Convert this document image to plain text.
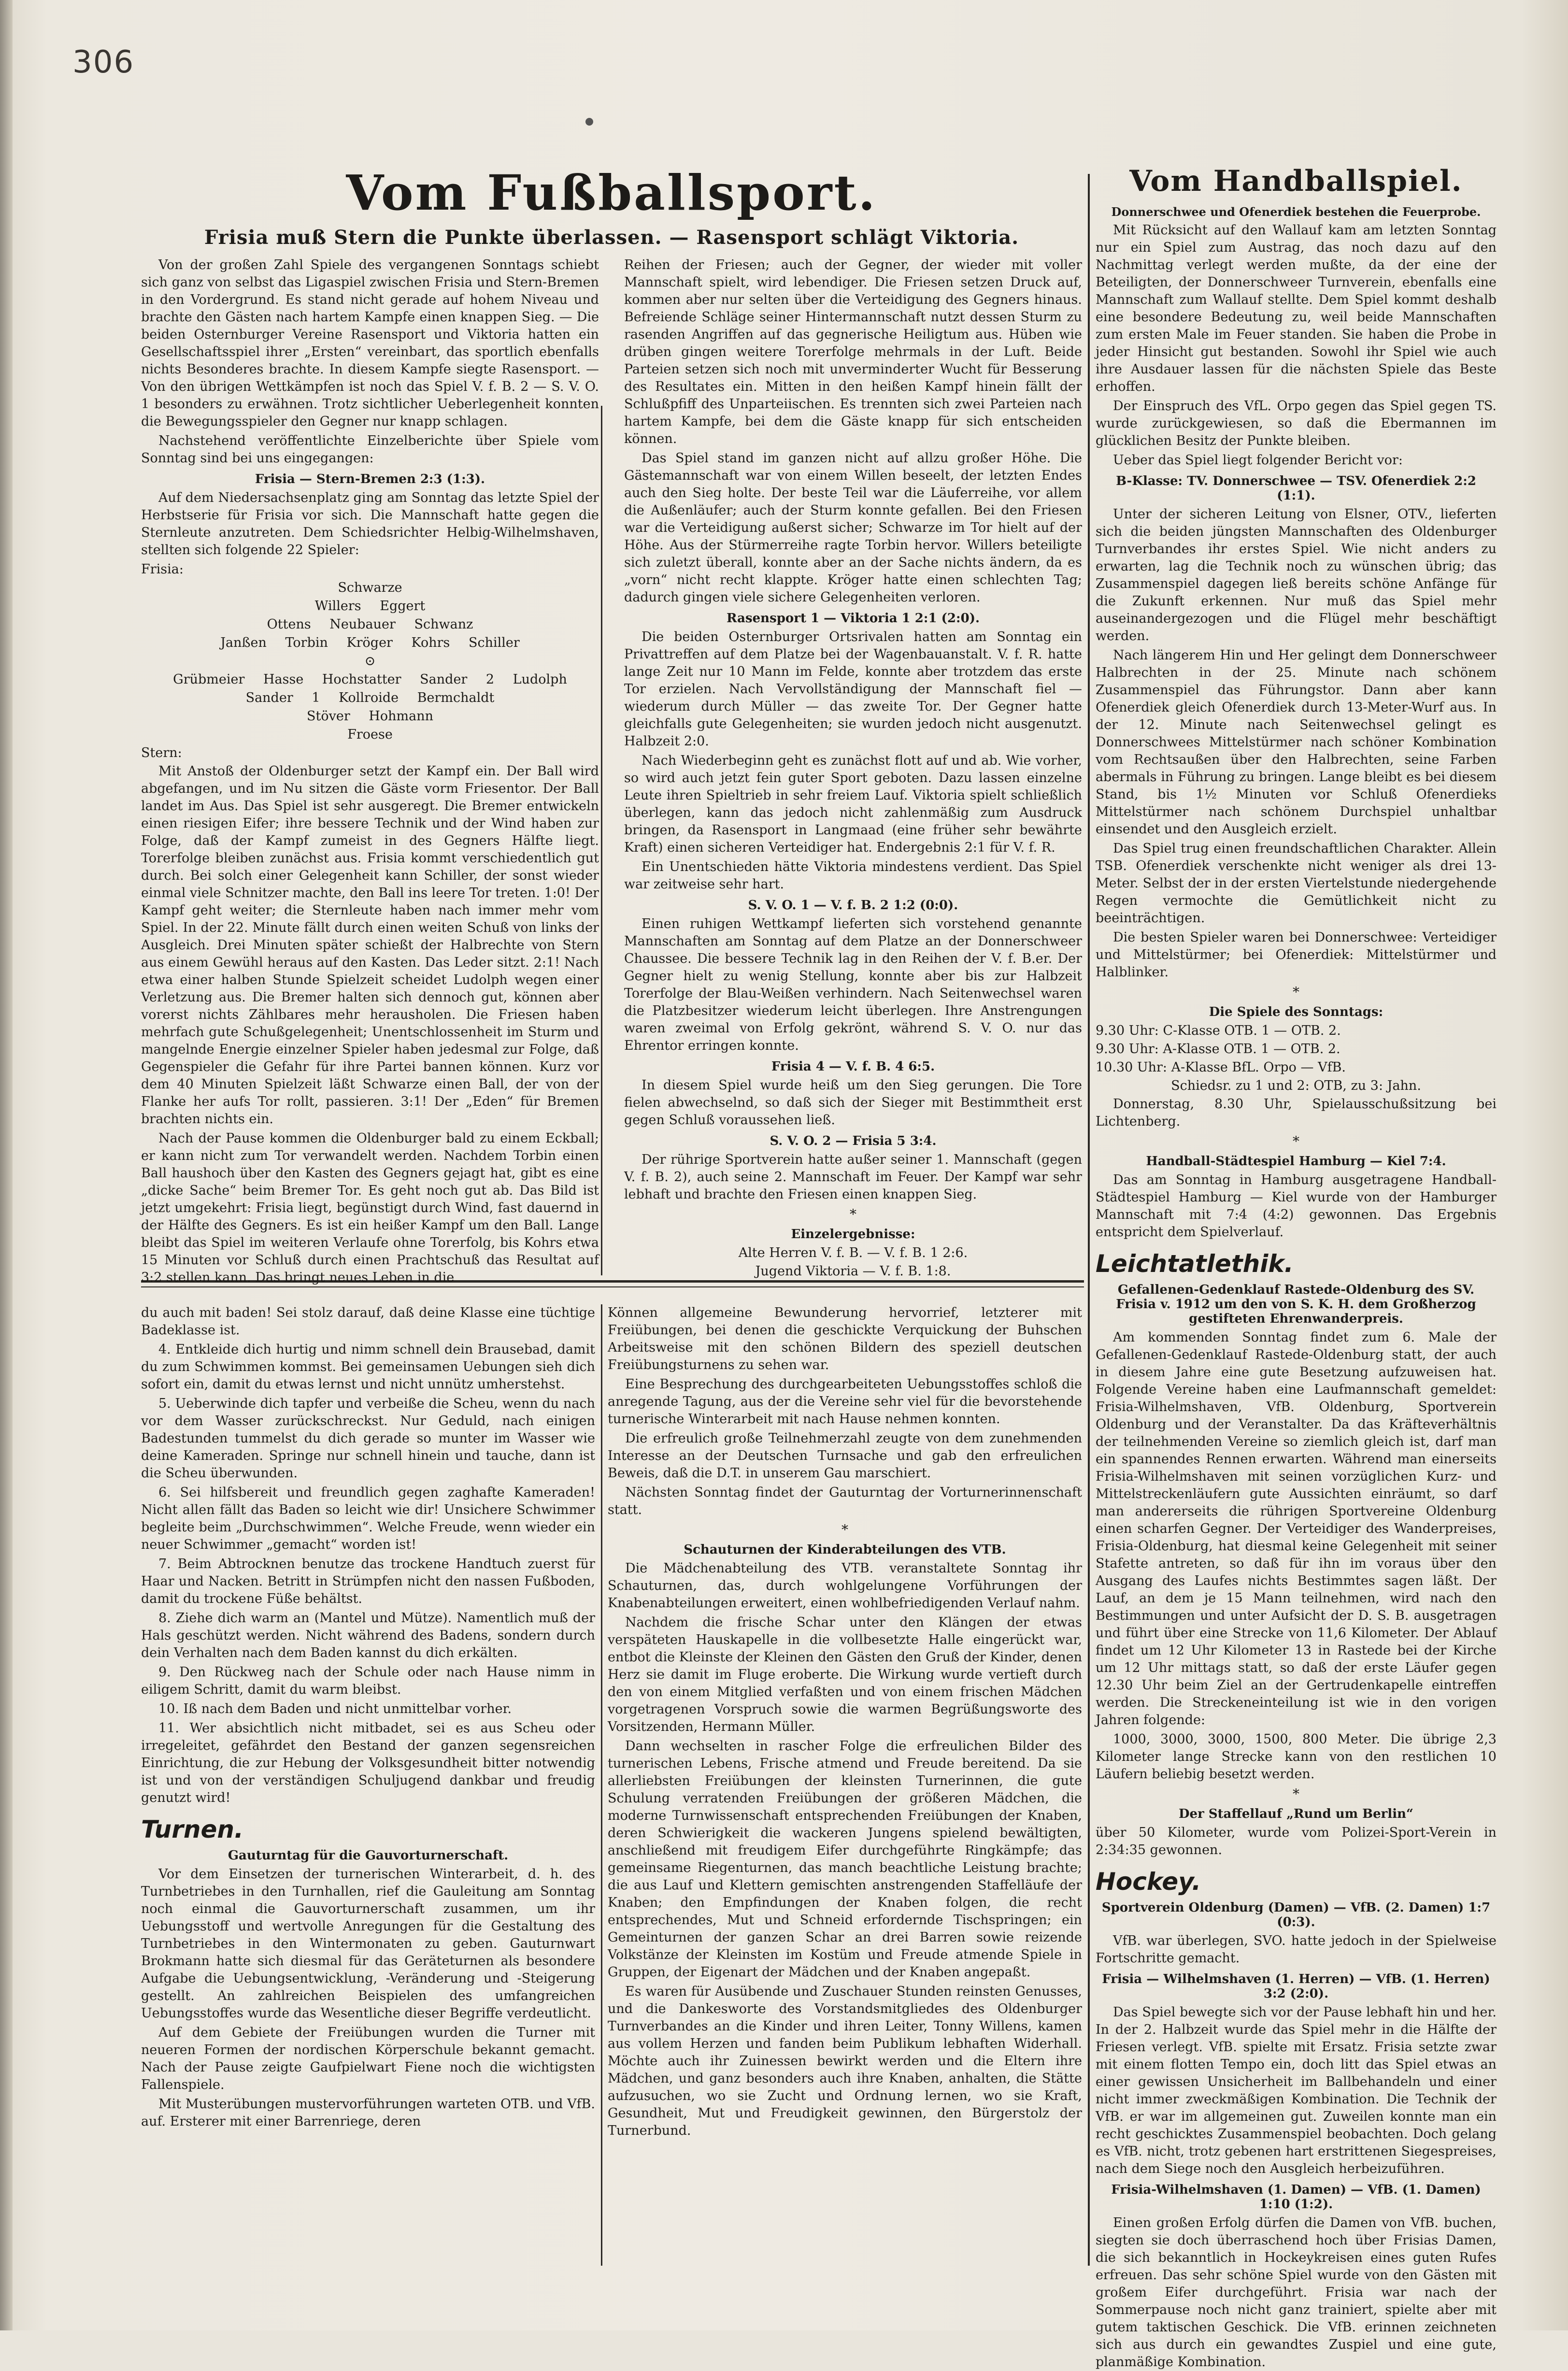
306
Vom Fußballsport.
Frisia muß Stern die Punkte überlassen. — Rasensport schlägt Viktoria.

Von der großen Zahl Spiele des vergangenen Sonntags schiebt sich ganz von selbst das Ligaspiel zwischen Frisia und Stern-Bremen in den Vordergrund. Es stand nicht gerade auf hohem Niveau und brachte den Gästen nach hartem Kampfe einen knappen Sieg. — Die beiden Osternburger Vereine Rasensport und Viktoria hatten ein Gesellschaftsspiel ihrer „Ersten“ vereinbart, das sportlich ebenfalls nichts Besonderes brachte. In diesem Kampfe siegte Rasensport. — Von den übrigen Wettkämpfen ist noch das Spiel V. f. B. 2 — S. V. O. 1 besonders zu erwähnen. Trotz sichtlicher Ueberlegenheit konnten die Bewegungsspieler den Gegner nur knapp schlagen.

Nachstehend veröffentlichte Einzelberichte über Spiele vom Sonntag sind bei uns eingegangen:

Frisia — Stern-Bremen 2:3 (1:3).

Auf dem Niedersachsenplatz ging am Sonntag das letzte Spiel der Herbstserie für Frisia vor sich. Die Mannschaft hatte gegen die Sternleute anzutreten. Dem Schiedsrichter Helbig-Wilhelmshaven, stellten sich folgende 22 Spieler:

Frisia:
Schwarze
Willers Eggert
Ottens Neubauer Schwanz
Janßen Torbin Kröger Kohrs Schiller
⊙
Grübmeier Hasse Hochstatter Sander 2 Ludolph
Sander 1 Kollroide Bermchaldt
Stöver Hohmann
Froese
Stern:

Mit Anstoß der Oldenburger setzt der Kampf ein. Der Ball wird abgefangen, und im Nu sitzen die Gäste vorm Friesentor. Der Ball landet im Aus. Das Spiel ist sehr ausgeregt. Die Bremer entwickeln einen riesigen Eifer; ihre bessere Technik und der Wind haben zur Folge, daß der Kampf zumeist in des Gegners Hälfte liegt. Torerfolge bleiben zunächst aus. Frisia kommt verschiedentlich gut durch. Bei solch einer Gelegenheit kann Schiller, der sonst wieder einmal viele Schnitzer machte, den Ball ins leere Tor treten. 1:0! Der Kampf geht weiter; die Sternleute haben nach immer mehr vom Spiel. In der 22. Minute fällt durch einen weiten Schuß von links der Ausgleich. Drei Minuten später schießt der Halbrechte von Stern aus einem Gewühl heraus auf den Kasten. Das Leder sitzt. 2:1! Nach etwa einer halben Stunde Spielzeit scheidet Ludolph wegen einer Verletzung aus. Die Bremer halten sich dennoch gut, können aber vorerst nichts Zählbares mehr herausholen. Die Friesen haben mehrfach gute Schußgelegenheit; Unentschlossenheit im Sturm und mangelnde Energie einzelner Spieler haben jedesmal zur Folge, daß Gegenspieler die Gefahr für ihre Partei bannen können. Kurz vor dem 40 Minuten Spielzeit läßt Schwarze einen Ball, der von der Flanke her aufs Tor rollt, passieren. 3:1! Der „Eden“ für Bremen brachten nichts ein.

Nach der Pause kommen die Oldenburger bald zu einem Eckball; er kann nicht zum Tor verwandelt werden. Nachdem Torbin einen Ball haushoch über den Kasten des Gegners gejagt hat, gibt es eine „dicke Sache“ beim Bremer Tor. Es geht noch gut ab. Das Bild ist jetzt umgekehrt: Frisia liegt, begünstigt durch Wind, fast dauernd in der Hälfte des Gegners. Es ist ein heißer Kampf um den Ball. Lange bleibt das Spiel im weiteren Verlaufe ohne Torerfolg, bis Kohrs etwa 15 Minuten vor Schluß durch einen Prachtschuß das Resultat auf 3:2 stellen kann. Das bringt neues Leben in die

Reihen der Friesen; auch der Gegner, der wieder mit voller Mannschaft spielt, wird lebendiger. Die Friesen setzen Druck auf, kommen aber nur selten über die Verteidigung des Gegners hinaus. Befreiende Schläge seiner Hintermannschaft nutzt dessen Sturm zu rasenden Angriffen auf das gegnerische Heiligtum aus. Hüben wie drüben gingen weitere Torerfolge mehrmals in der Luft. Beide Parteien setzen sich noch mit unverminderter Wucht für Besserung des Resultates ein. Mitten in den heißen Kampf hinein fällt der Schlußpfiff des Unparteiischen. Es trennten sich zwei Parteien nach hartem Kampfe, bei dem die Gäste knapp für sich entscheiden können.

Das Spiel stand im ganzen nicht auf allzu großer Höhe. Die Gästemannschaft war von einem Willen beseelt, der letzten Endes auch den Sieg holte. Der beste Teil war die Läuferreihe, vor allem die Außenläufer; auch der Sturm konnte gefallen. Bei den Friesen war die Verteidigung außerst sicher; Schwarze im Tor hielt auf der Höhe. Aus der Stürmerreihe ragte Torbin hervor. Willers beteiligte sich zuletzt überall, konnte aber an der Sache nichts ändern, da es „vorn“ nicht recht klappte. Kröger hatte einen schlechten Tag; dadurch gingen viele sichere Gelegenheiten verloren.

Rasensport 1 — Viktoria 1 2:1 (2:0).

Die beiden Osternburger Ortsrivalen hatten am Sonntag ein Privattreffen auf dem Platze bei der Wagenbauanstalt. V. f. R. hatte lange Zeit nur 10 Mann im Felde, konnte aber trotzdem das erste Tor erzielen. Nach Vervollständigung der Mannschaft fiel — wiederum durch Müller — das zweite Tor. Der Gegner hatte gleichfalls gute Gelegenheiten; sie wurden jedoch nicht ausgenutzt. Halbzeit 2:0.

Nach Wiederbeginn geht es zunächst flott auf und ab. Wie vorher, so wird auch jetzt fein guter Sport geboten. Dazu lassen einzelne Leute ihren Spieltrieb in sehr freiem Lauf. Viktoria spielt schließlich überlegen, kann das jedoch nicht zahlenmäßig zum Ausdruck bringen, da Rasensport in Langmaad (eine früher sehr bewährte Kraft) einen sicheren Verteidiger hat. Endergebnis 2:1 für V. f. R.

Ein Unentschieden hätte Viktoria mindestens verdient. Das Spiel war zeitweise sehr hart.

S. V. O. 1 — V. f. B. 2 1:2 (0:0).

Einen ruhigen Wettkampf lieferten sich vorstehend genannte Mannschaften am Sonntag auf dem Platze an der Donnerschweer Chaussee. Die bessere Technik lag in den Reihen der V. f. B.er. Der Gegner hielt zu wenig Stellung, konnte aber bis zur Halbzeit Torerfolge der Blau-Weißen verhindern. Nach Seitenwechsel waren die Platzbesitzer wiederum leicht überlegen. Ihre Anstrengungen waren zweimal von Erfolg gekrönt, während S. V. O. nur das Ehrentor erringen konnte.

Frisia 4 — V. f. B. 4 6:5.

In diesem Spiel wurde heiß um den Sieg gerungen. Die Tore fielen abwechselnd, so daß sich der Sieger mit Bestimmtheit erst gegen Schluß voraussehen ließ.

S. V. O. 2 — Frisia 5 3:4.

Der rührige Sportverein hatte außer seiner 1. Mannschaft (gegen V. f. B. 2), auch seine 2. Mannschaft im Feuer. Der Kampf war sehr lebhaft und brachte den Friesen einen knappen Sieg.

*
Einzelergebnisse:
Alte Herren V. f. B. — V. f. B. 1 2:6.
Jugend Viktoria — V. f. B. 1:8.
Vom Handballspiel.
Donnerschwee und Ofenerdiek bestehen die Feuerprobe.

Mit Rücksicht auf den Wallauf kam am letzten Sonntag nur ein Spiel zum Austrag, das noch dazu auf den Nachmittag verlegt werden mußte, da der eine der Beteiligten, der Donnerschweer Turnverein, ebenfalls eine Mannschaft zum Wallauf stellte. Dem Spiel kommt deshalb eine besondere Bedeutung zu, weil beide Mannschaften zum ersten Male im Feuer standen. Sie haben die Probe in jeder Hinsicht gut bestanden. Sowohl ihr Spiel wie auch ihre Ausdauer lassen für die nächsten Spiele das Beste erhoffen.

Der Einspruch des VfL. Orpo gegen das Spiel gegen TS. wurde zurückgewiesen, so daß die Ebermannen im glücklichen Besitz der Punkte bleiben.

Ueber das Spiel liegt folgender Bericht vor:

B-Klasse: TV. Donnerschwee — TSV. Ofenerdiek 2:2 (1:1).

Unter der sicheren Leitung von Elsner, OTV., lieferten sich die beiden jüngsten Mannschaften des Oldenburger Turnverbandes ihr erstes Spiel. Wie nicht anders zu erwarten, lag die Technik noch zu wünschen übrig; das Zusammenspiel dagegen ließ bereits schöne Anfänge für die Zukunft erkennen. Nur muß das Spiel mehr auseinandergezogen und die Flügel mehr beschäftigt werden.

Nach längerem Hin und Her gelingt dem Donnerschweer Halbrechten in der 25. Minute nach schönem Zusammenspiel das Führungstor. Dann aber kann Ofenerdiek gleich Ofenerdiek durch 13-Meter-Wurf aus. In der 12. Minute nach Seitenwechsel gelingt es Donnerschwees Mittelstürmer nach schöner Kombination vom Rechtsaußen über den Halbrechten, seine Farben abermals in Führung zu bringen. Lange bleibt es bei diesem Stand, bis 1½ Minuten vor Schluß Ofenerdieks Mittelstürmer nach schönem Durchspiel unhaltbar einsendet und den Ausgleich erzielt.

Das Spiel trug einen freundschaftlichen Charakter. Allein TSB. Ofenerdiek verschenkte nicht weniger als drei 13-Meter. Selbst der in der ersten Viertelstunde niedergehende Regen vermochte die Gemütlichkeit nicht zu beeinträchtigen.

Die besten Spieler waren bei Donnerschwee: Verteidiger und Mittelstürmer; bei Ofenerdiek: Mittelstürmer und Halblinker.

*
Die Spiele des Sonntags:
9.30 Uhr: C-Klasse OTB. 1 — OTB. 2.
9.30 Uhr: A-Klasse OTB. 1 — OTB. 2.
10.30 Uhr: A-Klasse BfL. Orpo — VfB.
Schiedsr. zu 1 und 2: OTB, zu 3: Jahn.

Donnerstag, 8.30 Uhr, Spielausschußsitzung bei Lichtenberg.

*
Handball-Städtespiel Hamburg — Kiel 7:4.

Das am Sonntag in Hamburg ausgetragene Handball-Städtespiel Hamburg — Kiel wurde von der Hamburger Mannschaft mit 7:4 (4:2) gewonnen. Das Ergebnis entspricht dem Spielverlauf.

Leichtatlethik.
Gefallenen-Gedenklauf Rastede-Oldenburg des SV. Frisia v. 1912 um den von S. K. H. dem Großherzog gestifteten Ehrenwanderpreis.

Am kommenden Sonntag findet zum 6. Male der Gefallenen-Gedenklauf Rastede-Oldenburg statt, der auch in diesem Jahre eine gute Besetzung aufzuweisen hat. Folgende Vereine haben eine Laufmannschaft gemeldet: Frisia-Wilhelmshaven, VfB. Oldenburg, Sportverein Oldenburg und der Veranstalter. Da das Kräfteverhältnis der teilnehmenden Vereine so ziemlich gleich ist, darf man ein spannendes Rennen erwarten. Während man einerseits Frisia-Wilhelmshaven mit seinen vorzüglichen Kurz- und Mittelstreckenläufern gute Aussichten einräumt, so darf man andererseits die rührigen Sportvereine Oldenburg einen scharfen Gegner. Der Verteidiger des Wanderpreises, Frisia-Oldenburg, hat diesmal keine Gelegenheit mit seiner Stafette antreten, so daß für ihn im voraus über den Ausgang des Laufes nichts Bestimmtes sagen läßt. Der Lauf, an dem je 15 Mann teilnehmen, wird nach den Bestimmungen und unter Aufsicht der D. S. B. ausgetragen und führt über eine Strecke von 11,6 Kilometer. Der Ablauf findet um 12 Uhr Kilometer 13 in Rastede bei der Kirche um 12 Uhr mittags statt, so daß der erste Läufer gegen 12.30 Uhr beim Ziel an der Gertrudenkapelle eintreffen werden. Die Streckeneinteilung ist wie in den vorigen Jahren folgende:

1000, 3000, 3000, 1500, 800 Meter. Die übrige 2,3 Kilometer lange Strecke kann von den restlichen 10 Läufern beliebig besetzt werden.

*
Der Staffellauf „Rund um Berlin“

über 50 Kilometer, wurde vom Polizei-Sport-Verein in 2:34:35 gewonnen.

Hockey.
Sportverein Oldenburg (Damen) — VfB. (2. Damen) 1:7 (0:3).

VfB. war überlegen, SVO. hatte jedoch in der Spielweise Fortschritte gemacht.

Frisia — Wilhelmshaven (1. Herren) — VfB. (1. Herren) 3:2 (2:0).

Das Spiel bewegte sich vor der Pause lebhaft hin und her. In der 2. Halbzeit wurde das Spiel mehr in die Hälfte der Friesen verlegt. VfB. spielte mit Ersatz. Frisia setzte zwar mit einem flotten Tempo ein, doch litt das Spiel etwas an einer gewissen Unsicherheit im Ballbehandeln und einer nicht immer zweckmäßigen Kombination. Die Technik der VfB. er war im allgemeinen gut. Zuweilen konnte man ein recht geschicktes Zusammenspiel beobachten. Doch gelang es VfB. nicht, trotz gebenen hart erstrittenen Siegespreises, nach dem Siege noch den Ausgleich herbeizuführen.

Frisia-Wilhelmshaven (1. Damen) — VfB. (1. Damen) 1:10 (1:2).

Einen großen Erfolg dürfen die Damen von VfB. buchen, siegten sie doch überraschend hoch über Frisias Damen, die sich bekanntlich in Hockeykreisen eines guten Rufes erfreuen. Das sehr schöne Spiel wurde von den Gästen mit großem Eifer durchgeführt. Frisia war nach der Sommerpause noch nicht ganz trainiert, spielte aber mit gutem taktischen Geschick. Die VfB. erinnen zeichneten sich aus durch ein gewandtes Zuspiel und eine gute, planmäßige Kombination.

du auch mit baden! Sei stolz darauf, daß deine Klasse eine tüchtige Badeklasse ist.

4. Entkleide dich hurtig und nimm schnell dein Brausebad, damit du zum Schwimmen kommst. Bei gemeinsamen Uebungen sieh dich sofort ein, damit du etwas lernst und nicht unnütz umherstehst.

5. Ueberwinde dich tapfer und verbeiße die Scheu, wenn du nach vor dem Wasser zurückschreckst. Nur Geduld, nach einigen Badestunden tummelst du dich gerade so munter im Wasser wie deine Kameraden. Springe nur schnell hinein und tauche, dann ist die Scheu überwunden.

6. Sei hilfsbereit und freundlich gegen zaghafte Kameraden! Nicht allen fällt das Baden so leicht wie dir! Unsichere Schwimmer begleite beim „Durchschwimmen“. Welche Freude, wenn wieder ein neuer Schwimmer „gemacht“ worden ist!

7. Beim Abtrocknen benutze das trockene Handtuch zuerst für Haar und Nacken. Betritt in Strümpfen nicht den nassen Fußboden, damit du trockene Füße behältst.

8. Ziehe dich warm an (Mantel und Mütze). Namentlich muß der Hals geschützt werden. Nicht während des Badens, sondern durch dein Verhalten nach dem Baden kannst du dich erkälten.

9. Den Rückweg nach der Schule oder nach Hause nimm in eiligem Schritt, damit du warm bleibst.

10. Iß nach dem Baden und nicht unmittelbar vorher.

11. Wer absichtlich nicht mitbadet, sei es aus Scheu oder irregeleitet, gefährdet den Bestand der ganzen segensreichen Einrichtung, die zur Hebung der Volksgesundheit bitter notwendig ist und von der verständigen Schuljugend dankbar und freudig genutzt wird!

Turnen.
Gauturntag für die Gauvorturnerschaft.

Vor dem Einsetzen der turnerischen Winterarbeit, d. h. des Turnbetriebes in den Turnhallen, rief die Gauleitung am Sonntag noch einmal die Gauvorturnerschaft zusammen, um ihr Uebungsstoff und wertvolle Anregungen für die Gestaltung des Turnbetriebes in den Wintermonaten zu geben. Gauturnwart Brokmann hatte sich diesmal für das Geräteturnen als besondere Aufgabe die Uebungsentwicklung, -Veränderung und -Steigerung gestellt. An zahlreichen Beispielen des umfangreichen Uebungsstoffes wurde das Wesentliche dieser Begriffe verdeutlicht.

Auf dem Gebiete der Freiübungen wurden die Turner mit neueren Formen der nordischen Körperschule bekannt gemacht. Nach der Pause zeigte Gaufpielwart Fiene noch die wichtigsten Fallenspiele.

Mit Musterübungen mustervorführungen warteten OTB. und VfB. auf. Ersterer mit einer Barrenriege, deren

Können allgemeine Bewunderung hervorrief, letzterer mit Freiübungen, bei denen die geschickte Verquickung der Buhschen Arbeitsweise mit den schönen Bildern des speziell deutschen Freiübungsturnens zu sehen war.

Eine Besprechung des durchgearbeiteten Uebungsstoffes schloß die anregende Tagung, aus der die Vereine sehr viel für die bevorstehende turnerische Winterarbeit mit nach Hause nehmen konnten.

Die erfreulich große Teilnehmerzahl zeugte von dem zunehmenden Interesse an der Deutschen Turnsache und gab den erfreulichen Beweis, daß die D.T. in unserem Gau marschiert.

Nächsten Sonntag findet der Gauturntag der Vorturnerinnenschaft statt.

*
Schauturnen der Kinderabteilungen des VTB.

Die Mädchenabteilung des VTB. veranstaltete Sonntag ihr Schauturnen, das, durch wohlgelungene Vorführungen der Knabenabteilungen erweitert, einen wohlbefriedigenden Verlauf nahm.

Nachdem die frische Schar unter den Klängen der etwas verspäteten Hauskapelle in die vollbesetzte Halle eingerückt war, entbot die Kleinste der Kleinen den Gästen den Gruß der Kinder, denen Herz sie damit im Fluge eroberte. Die Wirkung wurde vertieft durch den von einem Mitglied verfaßten und von einem frischen Mädchen vorgetragenen Vorspruch sowie die warmen Begrüßungsworte des Vorsitzenden, Hermann Müller.

Dann wechselten in rascher Folge die erfreulichen Bilder des turnerischen Lebens, Frische atmend und Freude bereitend. Da sie allerliebsten Freiübungen der kleinsten Turnerinnen, die gute Schulung verratenden Freiübungen der größeren Mädchen, die moderne Turnwissenschaft entsprechenden Freiübungen der Knaben, deren Schwierigkeit die wackeren Jungens spielend bewältigten, anschließend mit freudigem Eifer durchgeführte Ringkämpfe; das gemeinsame Riegenturnen, das manch beachtliche Leistung brachte; die aus Lauf und Klettern gemischten anstrengenden Staffelläufe der Knaben; den Empfindungen der Knaben folgen, die recht entsprechendes, Mut und Schneid erfordernde Tischspringen; ein Gemeinturnen der ganzen Schar an drei Barren sowie reizende Volkstänze der Kleinsten im Kostüm und Freude atmende Spiele in Gruppen, der Eigenart der Mädchen und der Knaben angepaßt.

Es waren für Ausübende und Zuschauer Stunden reinsten Genusses, und die Dankesworte des Vorstandsmitgliedes des Oldenburger Turnverbandes an die Kinder und ihren Leiter, Tonny Willens, kamen aus vollem Herzen und fanden beim Publikum lebhaften Widerhall. Möchte auch ihr Zuinessen bewirkt werden und die Eltern ihre Mädchen, und ganz besonders auch ihre Knaben, anhalten, die Stätte aufzusuchen, wo sie Zucht und Ordnung lernen, wo sie Kraft, Gesundheit, Mut und Freudigkeit gewinnen, den Bürgerstolz der Turnerbund.
